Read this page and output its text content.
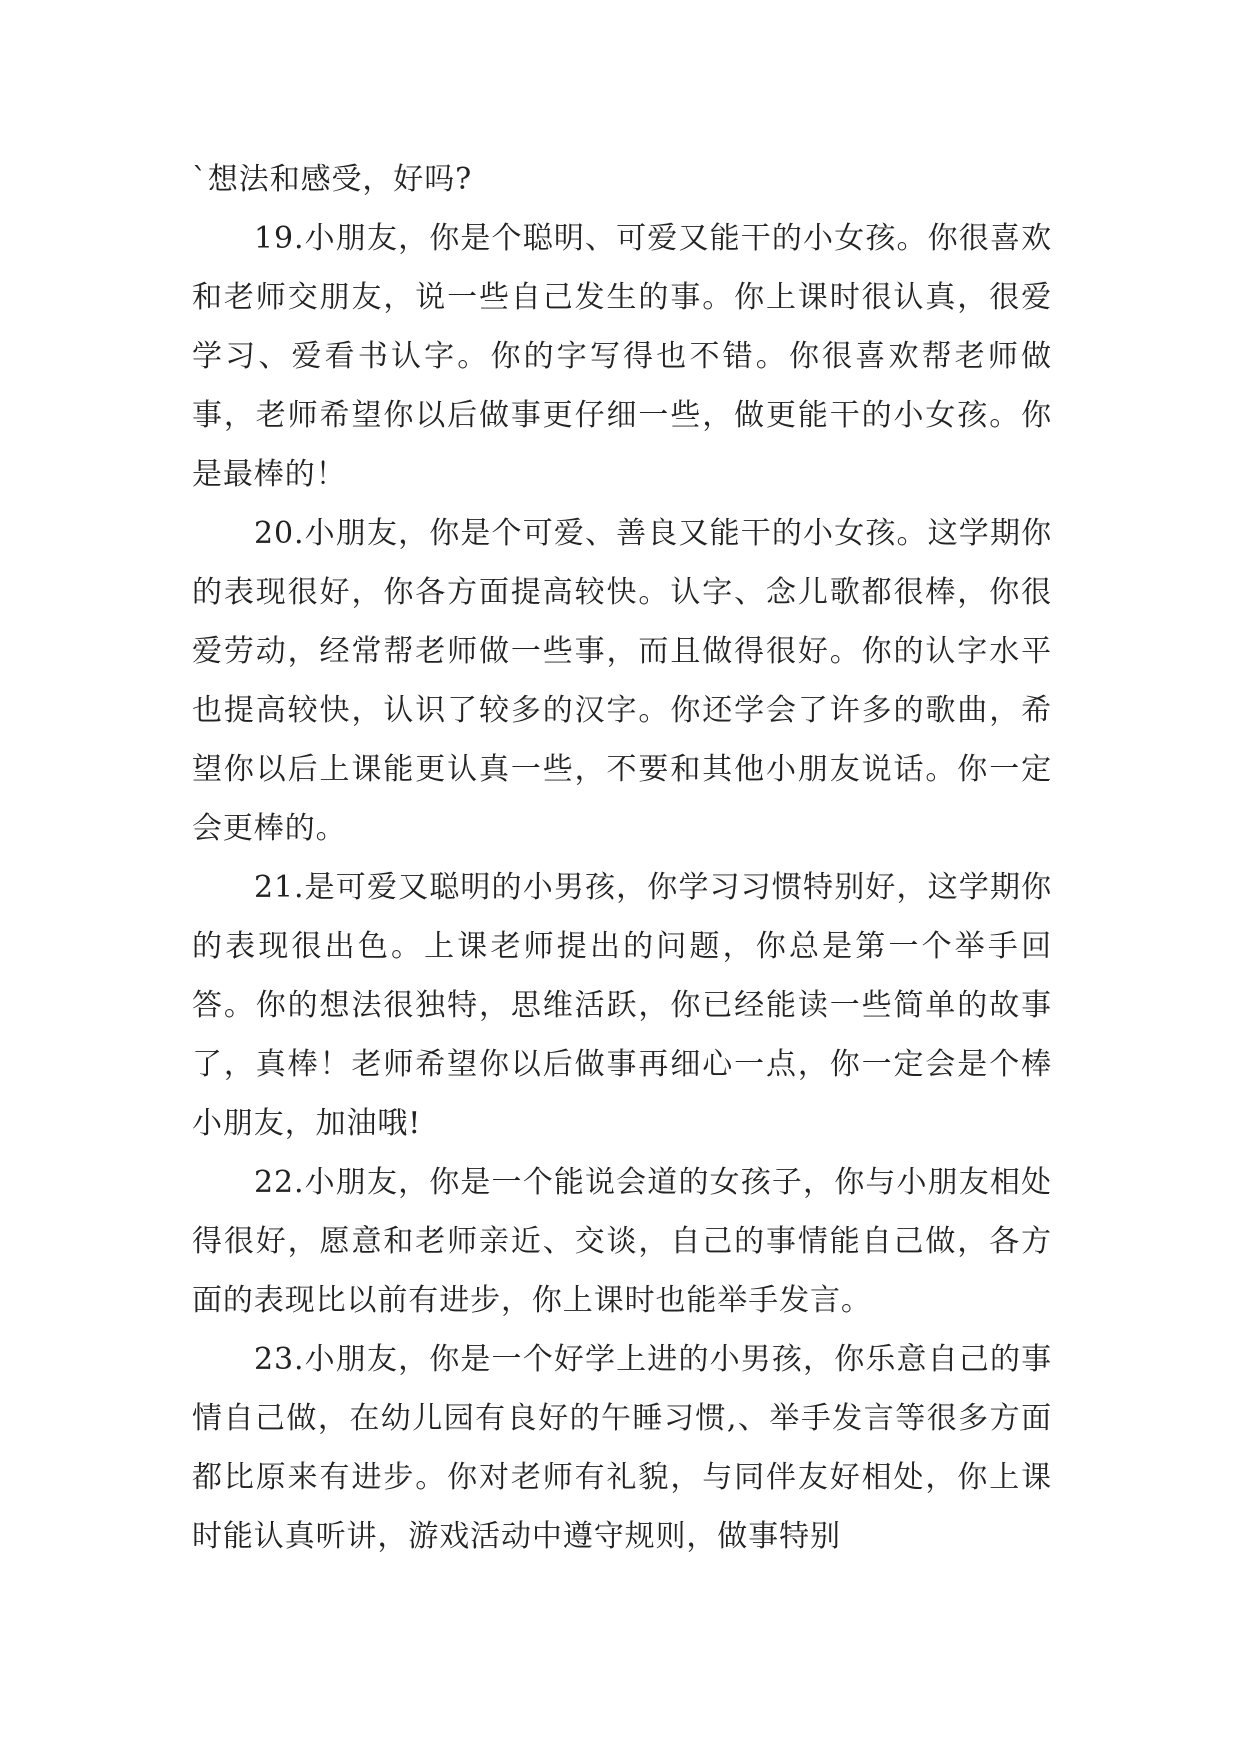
`想法和感受，好吗?

19.小朋友，你是个聪明、可爱又能干的小女孩。你很喜欢和老师交朋友，说一些自己发生的事。你上课时很认真，很爱学习、爱看书认字。你的字写得也不错。你很喜欢帮老师做事，老师希望你以后做事更仔细一些，做更能干的小女孩。你是最棒的！

20.小朋友，你是个可爱、善良又能干的小女孩。这学期你的表现很好，你各方面提高较快。认字、念儿歌都很棒，你很爱劳动，经常帮老师做一些事，而且做得很好。你的认字水平也提高较快，认识了较多的汉字。你还学会了许多的歌曲，希望你以后上课能更认真一些，不要和其他小朋友说话。你一定会更棒的。

21.是可爱又聪明的小男孩，你学习习惯特别好，这学期你的表现很出色。上课老师提出的问题，你总是第一个举手回答。你的想法很独特，思维活跃，你已经能读一些简单的故事了，真棒！老师希望你以后做事再细心一点，你一定会是个棒小朋友，加油哦!

22.小朋友，你是一个能说会道的女孩子，你与小朋友相处得很好，愿意和老师亲近、交谈，自己的事情能自己做，各方面的表现比以前有进步，你上课时也能举手发言。

23.小朋友，你是一个好学上进的小男孩，你乐意自己的事情自己做，在幼儿园有良好的午睡习惯,、举手发言等很多方面都比原来有进步。你对老师有礼貌，与同伴友好相处，你上课时能认真听讲，游戏活动中遵守规则，做事特别
